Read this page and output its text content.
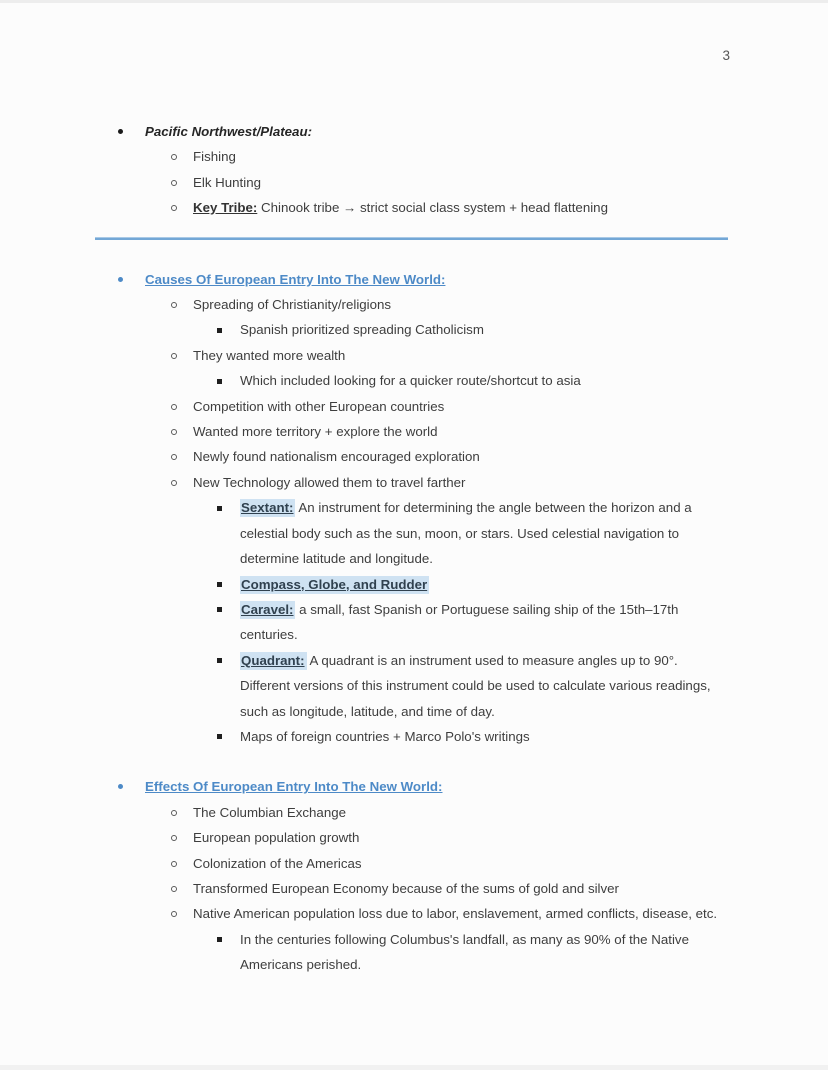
3
Pacific Northwest/Plateau:
Fishing
Elk Hunting
Key Tribe: Chinook tribe → strict social class system + head flattening
Causes Of European Entry Into The New World:
Spreading of Christianity/religions
Spanish prioritized spreading Catholicism
They wanted more wealth
Which included looking for a quicker route/shortcut to asia
Competition with other European countries
Wanted more territory + explore the world
Newly found nationalism encouraged exploration
New Technology allowed them to travel farther
Sextant: An instrument for determining the angle between the horizon and a celestial body such as the sun, moon, or stars. Used celestial navigation to determine latitude and longitude.
Compass, Globe, and Rudder
Caravel: a small, fast Spanish or Portuguese sailing ship of the 15th–17th centuries.
Quadrant: A quadrant is an instrument used to measure angles up to 90°. Different versions of this instrument could be used to calculate various readings, such as longitude, latitude, and time of day.
Maps of foreign countries + Marco Polo's writings
Effects Of European Entry Into The New World:
The Columbian Exchange
European population growth
Colonization of the Americas
Transformed European Economy because of the sums of gold and silver
Native American population loss due to labor, enslavement, armed conflicts, disease, etc.
In the centuries following Columbus's landfall, as many as 90% of the Native Americans perished.
